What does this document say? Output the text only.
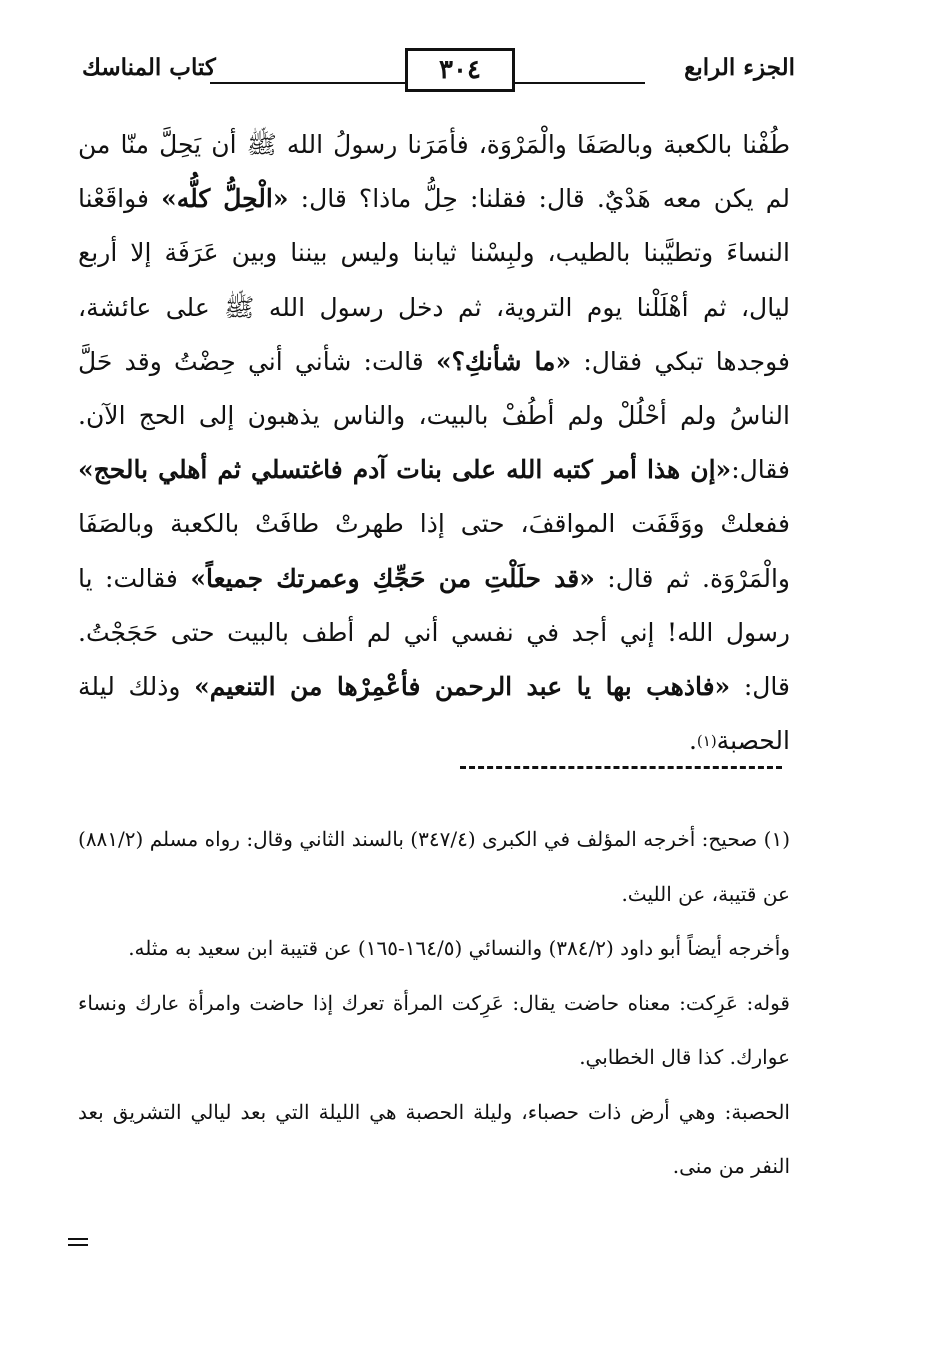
الجزء الرابع
٣٠٤
كتاب المناسك
طُفْنا بالكعبة وبالصَفَا والْمَرْوَة، فأمَرَنا رسولُ الله ﷺ أن يَحِلَّ منّا من لم يكن معه هَدْيٌ. قال: فقلنا: حِلُّ ماذا؟ قال: «الْحِلُّ كلُّه» فواقَعْنا النساءَ وتطيَّبنا بالطيب، ولبِسْنا ثيابنا وليس بيننا وبين عَرَفَة إلا أربع ليال، ثم أهْلَلْنا يوم التروية، ثم دخل رسول الله ﷺ على عائشة، فوجدها تبكي فقال: «ما شأنكِ؟» قالت: شأني أني حِضْتُ وقد حَلَّ الناسُ ولم أحْلُلْ ولم أطُفْ بالبيت، والناس يذهبون إلى الحج الآن. فقال:«إن هذا أمر كتبه الله على بنات آدم فاغتسلي ثم أهلي بالحج» ففعلتْ ووَقَفَت المواقفَ، حتى إذا طهرتْ طافَتْ بالكعبة وبالصَفَا والْمَرْوَة. ثم قال: «قد حلَلْتِ من حَجِّكِ وعمرتك جميعاً» فقالت: يا رسول الله! إني أجد في نفسي أني لم أطف بالبيت حتى حَجَجْتُ. قال: «فاذهب بها يا عبد الرحمن فأعْمِرْها من التنعيم» وذلك ليلة الحصبة$^{(١)}$.
(١) صحيح: أخرجه المؤلف في الكبرى (٣٤٧/٤) بالسند الثاني وقال: رواه مسلم (٨٨١/٢) عن قتيبة، عن الليث.
وأخرجه أيضاً أبو داود (٣٨٤/٢) والنسائي (١٦٤/٥-١٦٥) عن قتيبة ابن سعيد به مثله.
قوله: عَرِكت: معناه حاضت يقال: عَرِكت المرأة تعرك إذا حاضت وامرأة عارك ونساء عوارك. كذا قال الخطابي.
الحصبة: وهي أرض ذات حصباء، وليلة الحصبة هي الليلة التي بعد ليالي التشريق بعد النفر من منى.
